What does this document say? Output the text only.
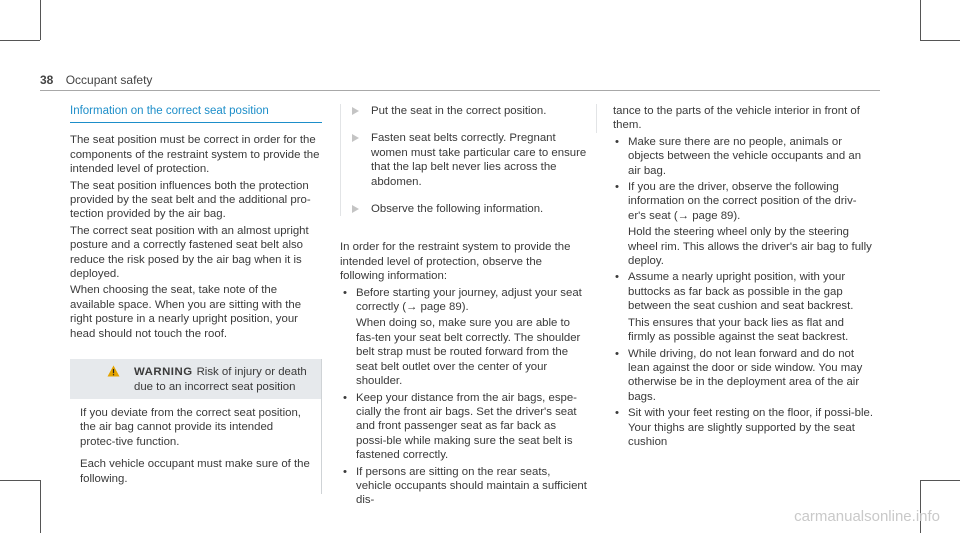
38 Occupant safety
Information on the correct seat position

The seat position must be correct in order for the components of the restraint system to provide the intended level of protection.

The seat position influences both the protection provided by the seat belt and the additional pro-tection provided by the air bag.

The correct seat position with an almost upright posture and a correctly fastened seat belt also reduce the risk posed by the air bag when it is deployed.

When choosing the seat, take note of the available space. When you are sitting with the right posture in a nearly upright position, your head should not touch the roof.

WARNING Risk of injury or death due to an incorrect seat position

If you deviate from the correct seat position, the air bag cannot provide its intended protec-tive function.

Each vehicle occupant must make sure of the following.

Put the seat in the correct position.
Fasten seat belts correctly. Pregnant women must take particular care to ensure that the lap belt never lies across the abdomen.
Observe the following information.

In order for the restraint system to provide the intended level of protection, observe the following information:

• Before starting your journey, adjust your seat correctly (→ page 89).

When doing so, make sure you are able to fas-ten your seat belt correctly. The shoulder belt strap must be routed forward from the seat belt outlet over the center of your shoulder.

• Keep your distance from the air bags, espe-cially the front air bags. Set the driver's seat and front passenger seat as far back as possi-ble while making sure the seat belt is fastened correctly.

• If persons are sitting on the rear seats, vehicle occupants should maintain a sufficient dis-

tance to the parts of the vehicle interior in front of them.

• Make sure there are no people, animals or objects between the vehicle occupants and an air bag.

• If you are the driver, observe the following information on the correct position of the driv-er's seat (→ page 89).

Hold the steering wheel only by the steering wheel rim. This allows the driver's air bag to fully deploy.

• Assume a nearly upright position, with your buttocks as far back as possible in the gap between the seat cushion and seat backrest.

This ensures that your back lies as flat and firmly as possible against the seat backrest.

• While driving, do not lean forward and do not lean against the door or side window. You may otherwise be in the deployment area of the air bags.

• Sit with your feet resting on the floor, if possi-ble. Your thighs are slightly supported by the seat cushion

carmanualsonline.info
